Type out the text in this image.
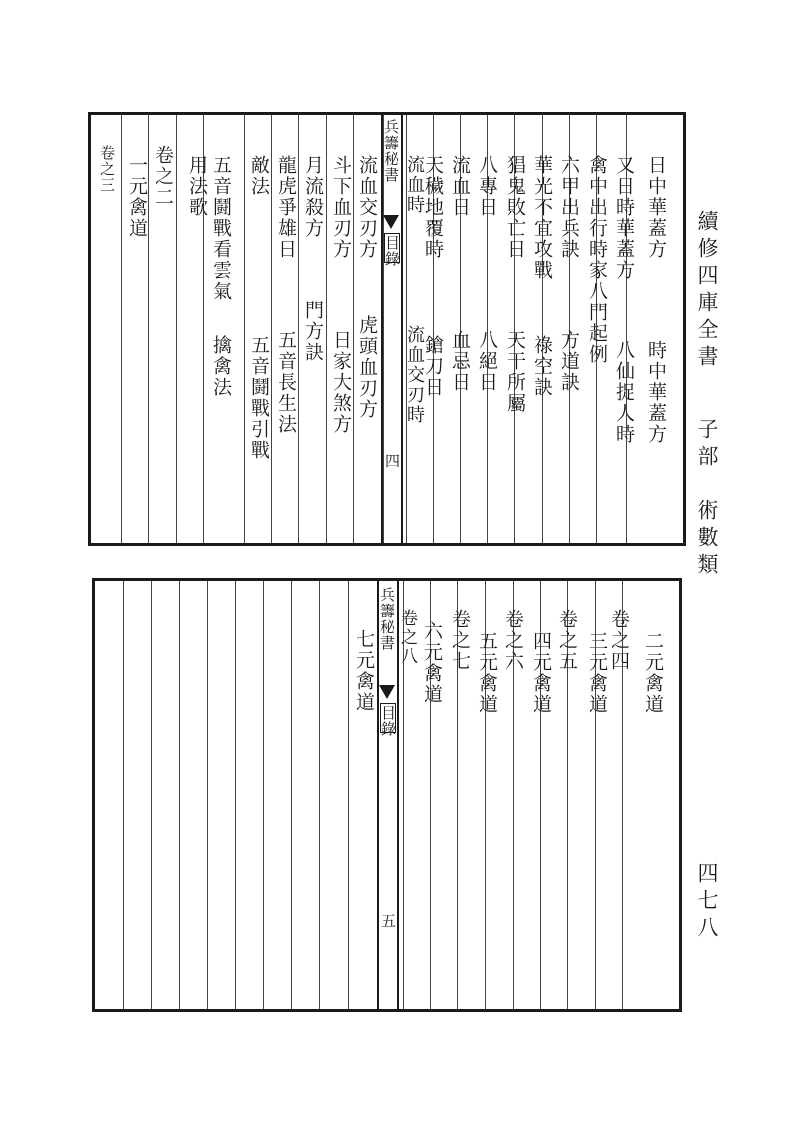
續修四庫全書
子部　術數類
四七八
兵籌秘書
目錄
四
日中華蓋方
時中華蓋方
又日時華蓋方
八仙捉人時
禽中出行時家八門起例
六甲出兵訣
方道訣
華光不宜攻戰
祿空訣
猖鬼敗亡日
天干所屬
八專日
八絕日
流血日
血忌日
天穢地覆時
鎗刀日
流血時
流血交刃時
流血交刃方
虎頭血刃方
斗下血刃方
日家大煞方
月流殺方
門方訣
龍虎爭雄日
五音長生法
敵法
五音鬪戰引戰
五音鬪戰看雲氣
擒禽法
用法歌
一元禽道 卷之二
卷之三
兵籌秘書
目錄
五
二元禽道
卷之四
三元禽道
卷之五
四元禽道
卷之六
五元禽道
卷之七
六元禽道
卷之八
七元禽道
